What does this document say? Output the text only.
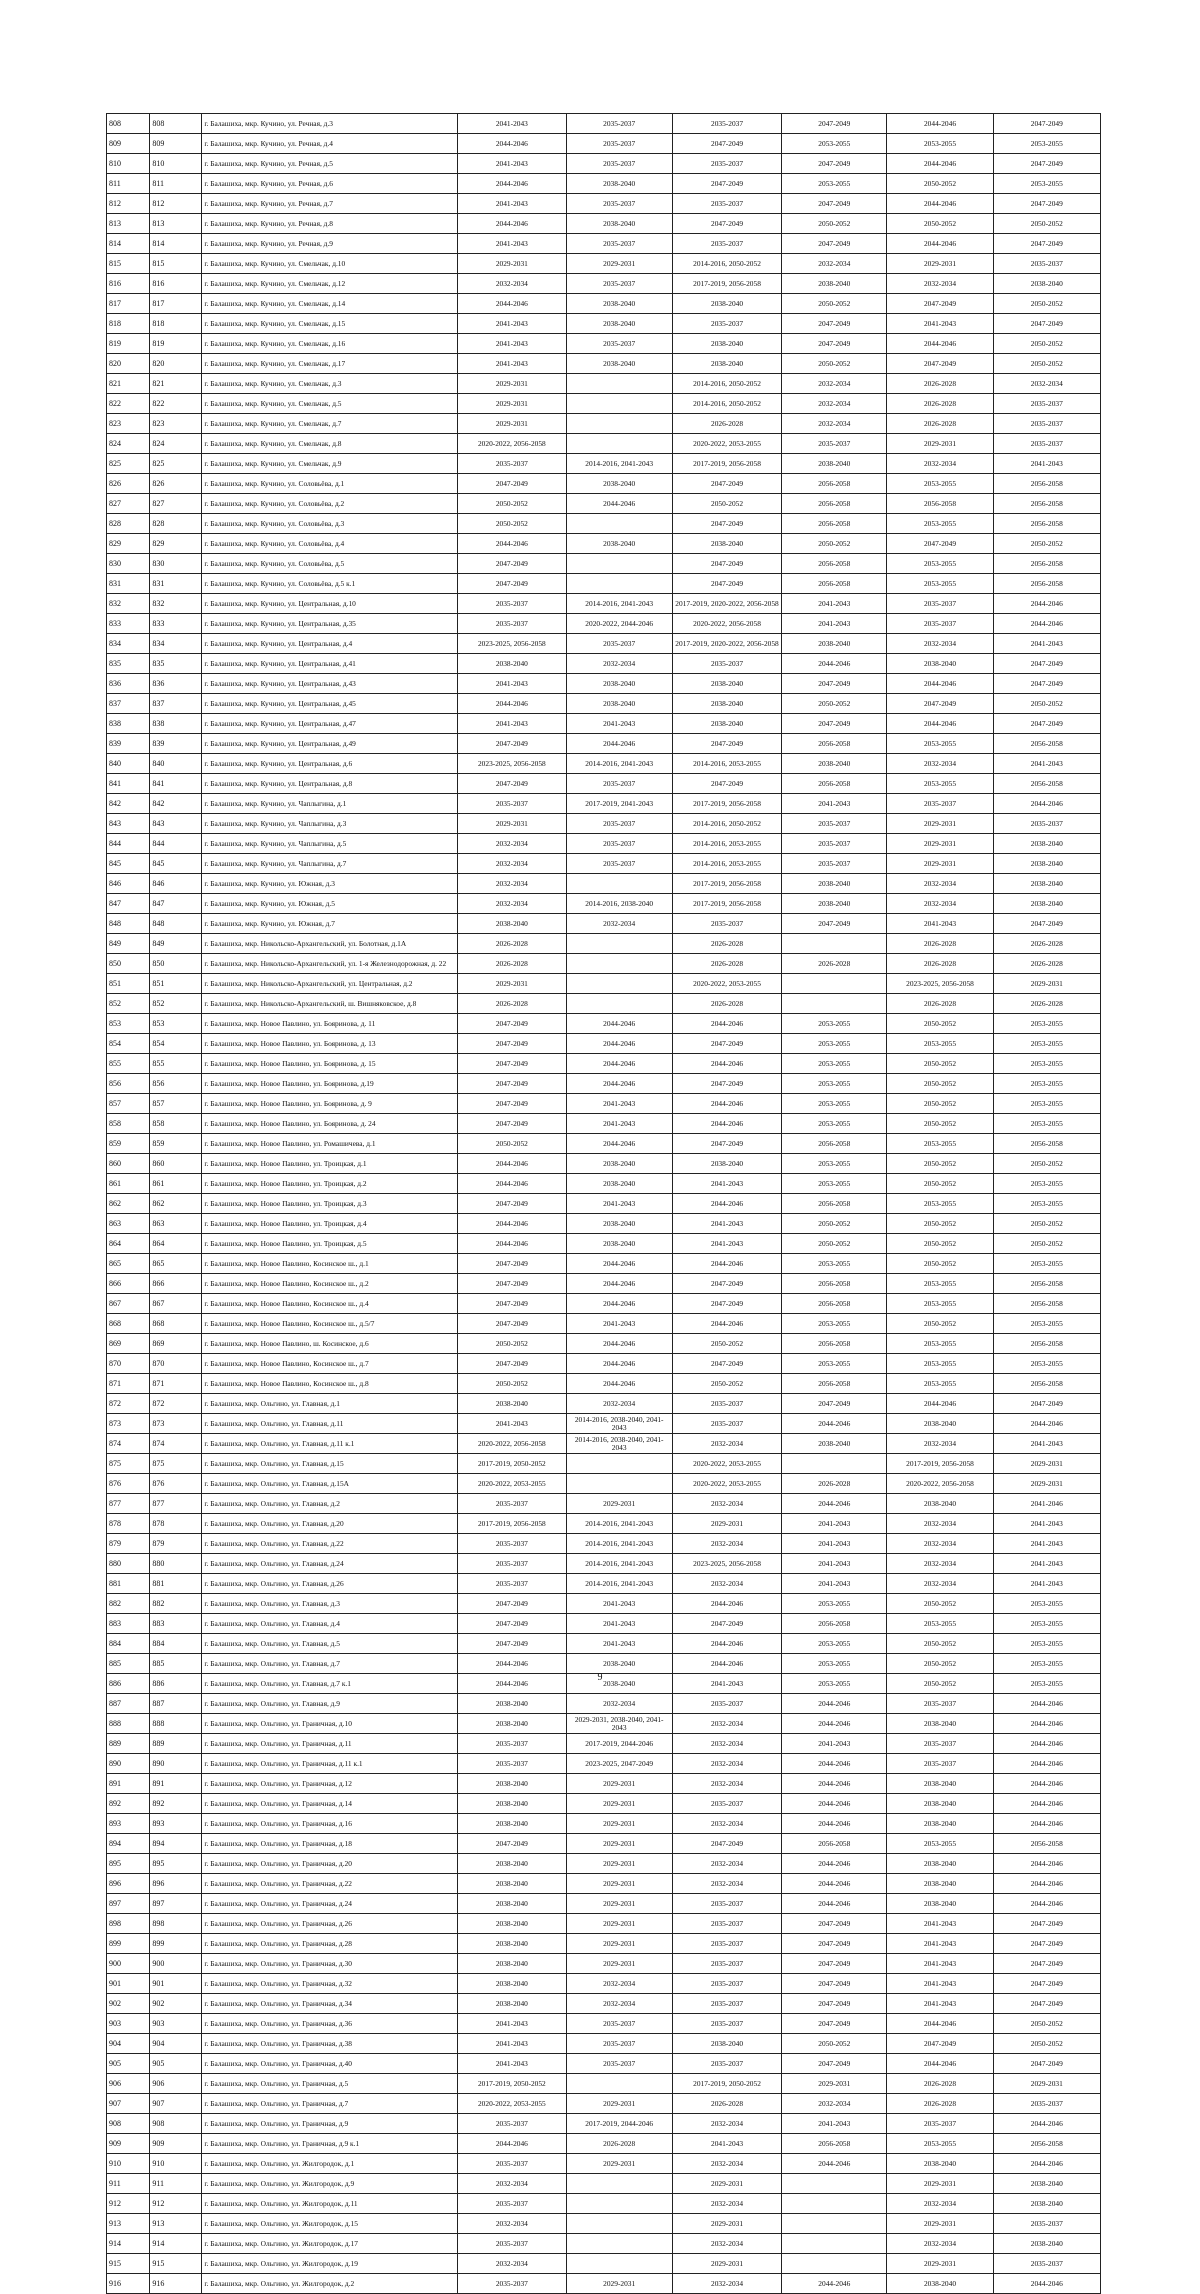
808	808	г. Балашиха, мкр. Кучино, ул. Речная, д.3	2041-2043	2035-2037	2035-2037	2047-2049	2044-2046	2047-2049
809	809	г. Балашиха, мкр. Кучино, ул. Речная, д.4	2044-2046	2035-2037	2047-2049	2053-2055	2053-2055	2053-2055
810	810	г. Балашиха, мкр. Кучино, ул. Речная, д.5	2041-2043	2035-2037	2035-2037	2047-2049	2044-2046	2047-2049
811	811	г. Балашиха, мкр. Кучино, ул. Речная, д.6	2044-2046	2038-2040	2047-2049	2053-2055	2050-2052	2053-2055
812	812	г. Балашиха, мкр. Кучино, ул. Речная, д.7	2041-2043	2035-2037	2035-2037	2047-2049	2044-2046	2047-2049
813	813	г. Балашиха, мкр. Кучино, ул. Речная, д.8	2044-2046	2038-2040	2047-2049	2050-2052	2050-2052	2050-2052
814	814	г. Балашиха, мкр. Кучино, ул. Речная, д.9	2041-2043	2035-2037	2035-2037	2047-2049	2044-2046	2047-2049
815	815	г. Балашиха, мкр. Кучино, ул. Смельчак, д.10	2029-2031	2029-2031	2014-2016, 2050-2052	2032-2034	2029-2031	2035-2037
816	816	г. Балашиха, мкр. Кучино, ул. Смельчак, д.12	2032-2034	2035-2037	2017-2019, 2056-2058	2038-2040	2032-2034	2038-2040
817	817	г. Балашиха, мкр. Кучино, ул. Смельчак, д.14	2044-2046	2038-2040	2038-2040	2050-2052	2047-2049	2050-2052
818	818	г. Балашиха, мкр. Кучино, ул. Смельчак, д.15	2041-2043	2038-2040	2035-2037	2047-2049	2041-2043	2047-2049
819	819	г. Балашиха, мкр. Кучино, ул. Смельчак, д.16	2041-2043	2035-2037	2038-2040	2047-2049	2044-2046	2050-2052
820	820	г. Балашиха, мкр. Кучино, ул. Смельчак, д.17	2041-2043	2038-2040	2038-2040	2050-2052	2047-2049	2050-2052
821	821	г. Балашиха, мкр. Кучино, ул. Смельчак, д.3	2029-2031		2014-2016, 2050-2052	2032-2034	2026-2028	2032-2034
822	822	г. Балашиха, мкр. Кучино, ул. Смельчак, д.5	2029-2031		2014-2016, 2050-2052	2032-2034	2026-2028	2035-2037
823	823	г. Балашиха, мкр. Кучино, ул. Смельчак, д.7	2029-2031		2026-2028	2032-2034	2026-2028	2035-2037
824	824	г. Балашиха, мкр. Кучино, ул. Смельчак, д.8	2020-2022, 2056-2058		2020-2022, 2053-2055	2035-2037	2029-2031	2035-2037
825	825	г. Балашиха, мкр. Кучино, ул. Смельчак, д.9	2035-2037	2014-2016, 2041-2043	2017-2019, 2056-2058	2038-2040	2032-2034	2041-2043
826	826	г. Балашиха, мкр. Кучино, ул. Соловьёва, д.1	2047-2049	2038-2040	2047-2049	2056-2058	2053-2055	2056-2058
827	827	г. Балашиха, мкр. Кучино, ул. Соловьёва, д.2	2050-2052	2044-2046	2050-2052	2056-2058	2056-2058	2056-2058
828	828	г. Балашиха, мкр. Кучино, ул. Соловьёва, д.3	2050-2052		2047-2049	2056-2058	2053-2055	2056-2058
829	829	г. Балашиха, мкр. Кучино, ул. Соловьёва, д.4	2044-2046	2038-2040	2038-2040	2050-2052	2047-2049	2050-2052
830	830	г. Балашиха, мкр. Кучино, ул. Соловьёва, д.5	2047-2049		2047-2049	2056-2058	2053-2055	2056-2058
831	831	г. Балашиха, мкр. Кучино, ул. Соловьёва, д.5 к.1	2047-2049		2047-2049	2056-2058	2053-2055	2056-2058
832	832	г. Балашиха, мкр. Кучино, ул. Центральная, д.10	2035-2037	2014-2016, 2041-2043	2017-2019, 2020-2022, 2056-2058	2041-2043	2035-2037	2044-2046
833	833	г. Балашиха, мкр. Кучино, ул. Центральная, д.35	2035-2037	2020-2022, 2044-2046	2020-2022, 2056-2058	2041-2043	2035-2037	2044-2046
834	834	г. Балашиха, мкр. Кучино, ул. Центральная, д.4	2023-2025, 2056-2058	2035-2037	2017-2019, 2020-2022, 2056-2058	2038-2040	2032-2034	2041-2043
835	835	г. Балашиха, мкр. Кучино, ул. Центральная, д.41	2038-2040	2032-2034	2035-2037	2044-2046	2038-2040	2047-2049
836	836	г. Балашиха, мкр. Кучино, ул. Центральная, д.43	2041-2043	2038-2040	2038-2040	2047-2049	2044-2046	2047-2049
837	837	г. Балашиха, мкр. Кучино, ул. Центральная, д.45	2044-2046	2038-2040	2038-2040	2050-2052	2047-2049	2050-2052
838	838	г. Балашиха, мкр. Кучино, ул. Центральная, д.47	2041-2043	2041-2043	2038-2040	2047-2049	2044-2046	2047-2049
839	839	г. Балашиха, мкр. Кучино, ул. Центральная, д.49	2047-2049	2044-2046	2047-2049	2056-2058	2053-2055	2056-2058
840	840	г. Балашиха, мкр. Кучино, ул. Центральная, д.6	2023-2025, 2056-2058	2014-2016, 2041-2043	2014-2016, 2053-2055	2038-2040	2032-2034	2041-2043
841	841	г. Балашиха, мкр. Кучино, ул. Центральная, д.8	2047-2049	2035-2037	2047-2049	2056-2058	2053-2055	2056-2058
842	842	г. Балашиха, мкр. Кучино, ул. Чаплыгина, д.1	2035-2037	2017-2019, 2041-2043	2017-2019, 2056-2058	2041-2043	2035-2037	2044-2046
843	843	г. Балашиха, мкр. Кучино, ул. Чаплыгина, д.3	2029-2031	2035-2037	2014-2016, 2050-2052	2035-2037	2029-2031	2035-2037
844	844	г. Балашиха, мкр. Кучино, ул. Чаплыгина, д.5	2032-2034	2035-2037	2014-2016, 2053-2055	2035-2037	2029-2031	2038-2040
845	845	г. Балашиха, мкр. Кучино, ул. Чаплыгина, д.7	2032-2034	2035-2037	2014-2016, 2053-2055	2035-2037	2029-2031	2038-2040
846	846	г. Балашиха, мкр. Кучино, ул. Южная, д.3	2032-2034		2017-2019, 2056-2058	2038-2040	2032-2034	2038-2040
847	847	г. Балашиха, мкр. Кучино, ул. Южная, д.5	2032-2034	2014-2016, 2038-2040	2017-2019, 2056-2058	2038-2040	2032-2034	2038-2040
848	848	г. Балашиха, мкр. Кучино, ул. Южная, д.7	2038-2040	2032-2034	2035-2037	2047-2049	2041-2043	2047-2049
849	849	г. Балашиха, мкр. Никольско-Архангельский, ул. Болотная, д.1А	2026-2028		2026-2028		2026-2028	2026-2028
850	850	г. Балашиха, мкр. Никольско-Архангельский, ул. 1-я Железнодорожная, д. 22	2026-2028		2026-2028	2026-2028	2026-2028	2026-2028
851	851	г. Балашиха, мкр. Никольско-Архангельский, ул. Центральная, д.2	2029-2031		2020-2022, 2053-2055		2023-2025, 2056-2058	2029-2031
852	852	г. Балашиха, мкр. Никольско-Архангельский, ш. Вишняковское, д.8	2026-2028		2026-2028		2026-2028	2026-2028
853	853	г. Балашиха, мкр. Новое Павлино, ул. Бояринова, д. 11	2047-2049	2044-2046	2044-2046	2053-2055	2050-2052	2053-2055
854	854	г. Балашиха, мкр. Новое Павлино, ул. Бояринова, д. 13	2047-2049	2044-2046	2047-2049	2053-2055	2053-2055	2053-2055
855	855	г. Балашиха, мкр. Новое Павлино, ул. Бояринова, д. 15	2047-2049	2044-2046	2044-2046	2053-2055	2050-2052	2053-2055
856	856	г. Балашиха, мкр. Новое Павлино, ул. Бояринова, д.19	2047-2049	2044-2046	2047-2049	2053-2055	2050-2052	2053-2055
857	857	г. Балашиха, мкр. Новое Павлино, ул. Бояринова, д. 9	2047-2049	2041-2043	2044-2046	2053-2055	2050-2052	2053-2055
858	858	г. Балашиха, мкр. Новое Павлино, ул. Бояринова, д. 24	2047-2049	2041-2043	2044-2046	2053-2055	2050-2052	2053-2055
859	859	г. Балашиха, мкр. Новое Павлино, ул. Ромашичева, д.1	2050-2052	2044-2046	2047-2049	2056-2058	2053-2055	2056-2058
860	860	г. Балашиха, мкр. Новое Павлино, ул. Троицкая, д.1	2044-2046	2038-2040	2038-2040	2053-2055	2050-2052	2050-2052
861	861	г. Балашиха, мкр. Новое Павлино, ул. Троицкая, д.2	2044-2046	2038-2040	2041-2043	2053-2055	2050-2052	2053-2055
862	862	г. Балашиха, мкр. Новое Павлино, ул. Троицкая, д.3	2047-2049	2041-2043	2044-2046	2056-2058	2053-2055	2053-2055
863	863	г. Балашиха, мкр. Новое Павлино, ул. Троицкая, д.4	2044-2046	2038-2040	2041-2043	2050-2052	2050-2052	2050-2052
864	864	г. Балашиха, мкр. Новое Павлино, ул. Троицкая, д.5	2044-2046	2038-2040	2041-2043	2050-2052	2050-2052	2050-2052
865	865	г. Балашиха, мкр. Новое Павлино, Косинское ш., д.1	2047-2049	2044-2046	2044-2046	2053-2055	2050-2052	2053-2055
866	866	г. Балашиха, мкр. Новое Павлино, Косинское ш., д.2	2047-2049	2044-2046	2047-2049	2056-2058	2053-2055	2056-2058
867	867	г. Балашиха, мкр. Новое Павлино, Косинское ш., д.4	2047-2049	2044-2046	2047-2049	2056-2058	2053-2055	2056-2058
868	868	г. Балашиха, мкр. Новое Павлино, Косинское ш., д.5/7	2047-2049	2041-2043	2044-2046	2053-2055	2050-2052	2053-2055
869	869	г. Балашиха, мкр. Новое Павлино, ш. Косинское, д.6	2050-2052	2044-2046	2050-2052	2056-2058	2053-2055	2056-2058
870	870	г. Балашиха, мкр. Новое Павлино, Косинское ш., д.7	2047-2049	2044-2046	2047-2049	2053-2055	2053-2055	2053-2055
871	871	г. Балашиха, мкр. Новое Павлино, Косинское ш., д.8	2050-2052	2044-2046	2050-2052	2056-2058	2053-2055	2056-2058
872	872	г. Балашиха, мкр. Ольгино, ул. Главная, д.1	2038-2040	2032-2034	2035-2037	2047-2049	2044-2046	2047-2049
873	873	г. Балашиха, мкр. Ольгино, ул. Главная, д.11	2041-2043	2014-2016, 2038-2040, 2041-2043	2035-2037	2044-2046	2038-2040	2044-2046
874	874	г. Балашиха, мкр. Ольгино, ул. Главная, д.11 к.1	2020-2022, 2056-2058	2014-2016, 2038-2040, 2041-2043	2032-2034	2038-2040	2032-2034	2041-2043
875	875	г. Балашиха, мкр. Ольгино, ул. Главная, д.15	2017-2019, 2050-2052		2020-2022, 2053-2055		2017-2019, 2056-2058	2029-2031
876	876	г. Балашиха, мкр. Ольгино, ул. Главная, д.15А	2020-2022, 2053-2055		2020-2022, 2053-2055	2026-2028	2020-2022, 2056-2058	2029-2031
877	877	г. Балашиха, мкр. Ольгино, ул. Главная, д.2	2035-2037	2029-2031	2032-2034	2044-2046	2038-2040	2041-2046
878	878	г. Балашиха, мкр. Ольгино, ул. Главная, д.20	2017-2019, 2056-2058	2014-2016, 2041-2043	2029-2031	2041-2043	2032-2034	2041-2043
879	879	г. Балашиха, мкр. Ольгино, ул. Главная, д.22	2035-2037	2014-2016, 2041-2043	2032-2034	2041-2043	2032-2034	2041-2043
880	880	г. Балашиха, мкр. Ольгино, ул. Главная, д.24	2035-2037	2014-2016, 2041-2043	2023-2025, 2056-2058	2041-2043	2032-2034	2041-2043
881	881	г. Балашиха, мкр. Ольгино, ул. Главная, д.26	2035-2037	2014-2016, 2041-2043	2032-2034	2041-2043	2032-2034	2041-2043
882	882	г. Балашиха, мкр. Ольгино, ул. Главная, д.3	2047-2049	2041-2043	2044-2046	2053-2055	2050-2052	2053-2055
883	883	г. Балашиха, мкр. Ольгино, ул. Главная, д.4	2047-2049	2041-2043	2047-2049	2056-2058	2053-2055	2053-2055
884	884	г. Балашиха, мкр. Ольгино, ул. Главная, д.5	2047-2049	2041-2043	2044-2046	2053-2055	2050-2052	2053-2055
885	885	г. Балашиха, мкр. Ольгино, ул. Главная, д.7	2044-2046	2038-2040	2044-2046	2053-2055	2050-2052	2053-2055
886	886	г. Балашиха, мкр. Ольгино, ул. Главная, д.7 к.1	2044-2046	2038-2040	2041-2043	2053-2055	2050-2052	2053-2055
887	887	г. Балашиха, мкр. Ольгино, ул. Главная, д.9	2038-2040	2032-2034	2035-2037	2044-2046	2035-2037	2044-2046
888	888	г. Балашиха, мкр. Ольгино, ул. Граничная, д.10	2038-2040	2029-2031, 2038-2040, 2041-2043	2032-2034	2044-2046	2038-2040	2044-2046
889	889	г. Балашиха, мкр. Ольгино, ул. Граничная, д.11	2035-2037	2017-2019, 2044-2046	2032-2034	2041-2043	2035-2037	2044-2046
890	890	г. Балашиха, мкр. Ольгино, ул. Граничная, д.11 к.1	2035-2037	2023-2025, 2047-2049	2032-2034	2044-2046	2035-2037	2044-2046
891	891	г. Балашиха, мкр. Ольгино, ул. Граничная, д.12	2038-2040	2029-2031	2032-2034	2044-2046	2038-2040	2044-2046
892	892	г. Балашиха, мкр. Ольгино, ул. Граничная, д.14	2038-2040	2029-2031	2035-2037	2044-2046	2038-2040	2044-2046
893	893	г. Балашиха, мкр. Ольгино, ул. Граничная, д.16	2038-2040	2029-2031	2032-2034	2044-2046	2038-2040	2044-2046
894	894	г. Балашиха, мкр. Ольгино, ул. Граничная, д.18	2047-2049	2029-2031	2047-2049	2056-2058	2053-2055	2056-2058
895	895	г. Балашиха, мкр. Ольгино, ул. Граничная, д.20	2038-2040	2029-2031	2032-2034	2044-2046	2038-2040	2044-2046
896	896	г. Балашиха, мкр. Ольгино, ул. Граничная, д.22	2038-2040	2029-2031	2032-2034	2044-2046	2038-2040	2044-2046
897	897	г. Балашиха, мкр. Ольгино, ул. Граничная, д.24	2038-2040	2029-2031	2035-2037	2044-2046	2038-2040	2044-2046
898	898	г. Балашиха, мкр. Ольгино, ул. Граничная, д.26	2038-2040	2029-2031	2035-2037	2047-2049	2041-2043	2047-2049
899	899	г. Балашиха, мкр. Ольгино, ул. Граничная, д.28	2038-2040	2029-2031	2035-2037	2047-2049	2041-2043	2047-2049
900	900	г. Балашиха, мкр. Ольгино, ул. Граничная, д.30	2038-2040	2029-2031	2035-2037	2047-2049	2041-2043	2047-2049
901	901	г. Балашиха, мкр. Ольгино, ул. Граничная, д.32	2038-2040	2032-2034	2035-2037	2047-2049	2041-2043	2047-2049
902	902	г. Балашиха, мкр. Ольгино, ул. Граничная, д.34	2038-2040	2032-2034	2035-2037	2047-2049	2041-2043	2047-2049
903	903	г. Балашиха, мкр. Ольгино, ул. Граничная, д.36	2041-2043	2035-2037	2035-2037	2047-2049	2044-2046	2050-2052
904	904	г. Балашиха, мкр. Ольгино, ул. Граничная, д.38	2041-2043	2035-2037	2038-2040	2050-2052	2047-2049	2050-2052
905	905	г. Балашиха, мкр. Ольгино, ул. Граничная, д.40	2041-2043	2035-2037	2035-2037	2047-2049	2044-2046	2047-2049
906	906	г. Балашиха, мкр. Ольгино, ул. Граничная, д.5	2017-2019, 2050-2052		2017-2019, 2050-2052	2029-2031	2026-2028	2029-2031
907	907	г. Балашиха, мкр. Ольгино, ул. Граничная, д.7	2020-2022, 2053-2055	2029-2031	2026-2028	2032-2034	2026-2028	2035-2037
908	908	г. Балашиха, мкр. Ольгино, ул. Граничная, д.9	2035-2037	2017-2019, 2044-2046	2032-2034	2041-2043	2035-2037	2044-2046
909	909	г. Балашиха, мкр. Ольгино, ул. Граничная, д.9 к.1	2044-2046	2026-2028	2041-2043	2056-2058	2053-2055	2056-2058
910	910	г. Балашиха, мкр. Ольгино, ул. Жилгородок, д.1	2035-2037	2029-2031	2032-2034	2044-2046	2038-2040	2044-2046
911	911	г. Балашиха, мкр. Ольгино, ул. Жилгородок, д.9	2032-2034		2029-2031		2029-2031	2038-2040
912	912	г. Балашиха, мкр. Ольгино, ул. Жилгородок, д.11	2035-2037		2032-2034		2032-2034	2038-2040
913	913	г. Балашиха, мкр. Ольгино, ул. Жилгородок, д.15	2032-2034		2029-2031		2029-2031	2035-2037
914	914	г. Балашиха, мкр. Ольгино, ул. Жилгородок, д.17	2035-2037		2032-2034		2032-2034	2038-2040
915	915	г. Балашиха, мкр. Ольгино, ул. Жилгородок, д.19	2032-2034		2029-2031		2029-2031	2035-2037
916	916	г. Балашиха, мкр. Ольгино, ул. Жилгородок, д.2	2035-2037	2029-2031	2032-2034	2044-2046	2038-2040	2044-2046
9
